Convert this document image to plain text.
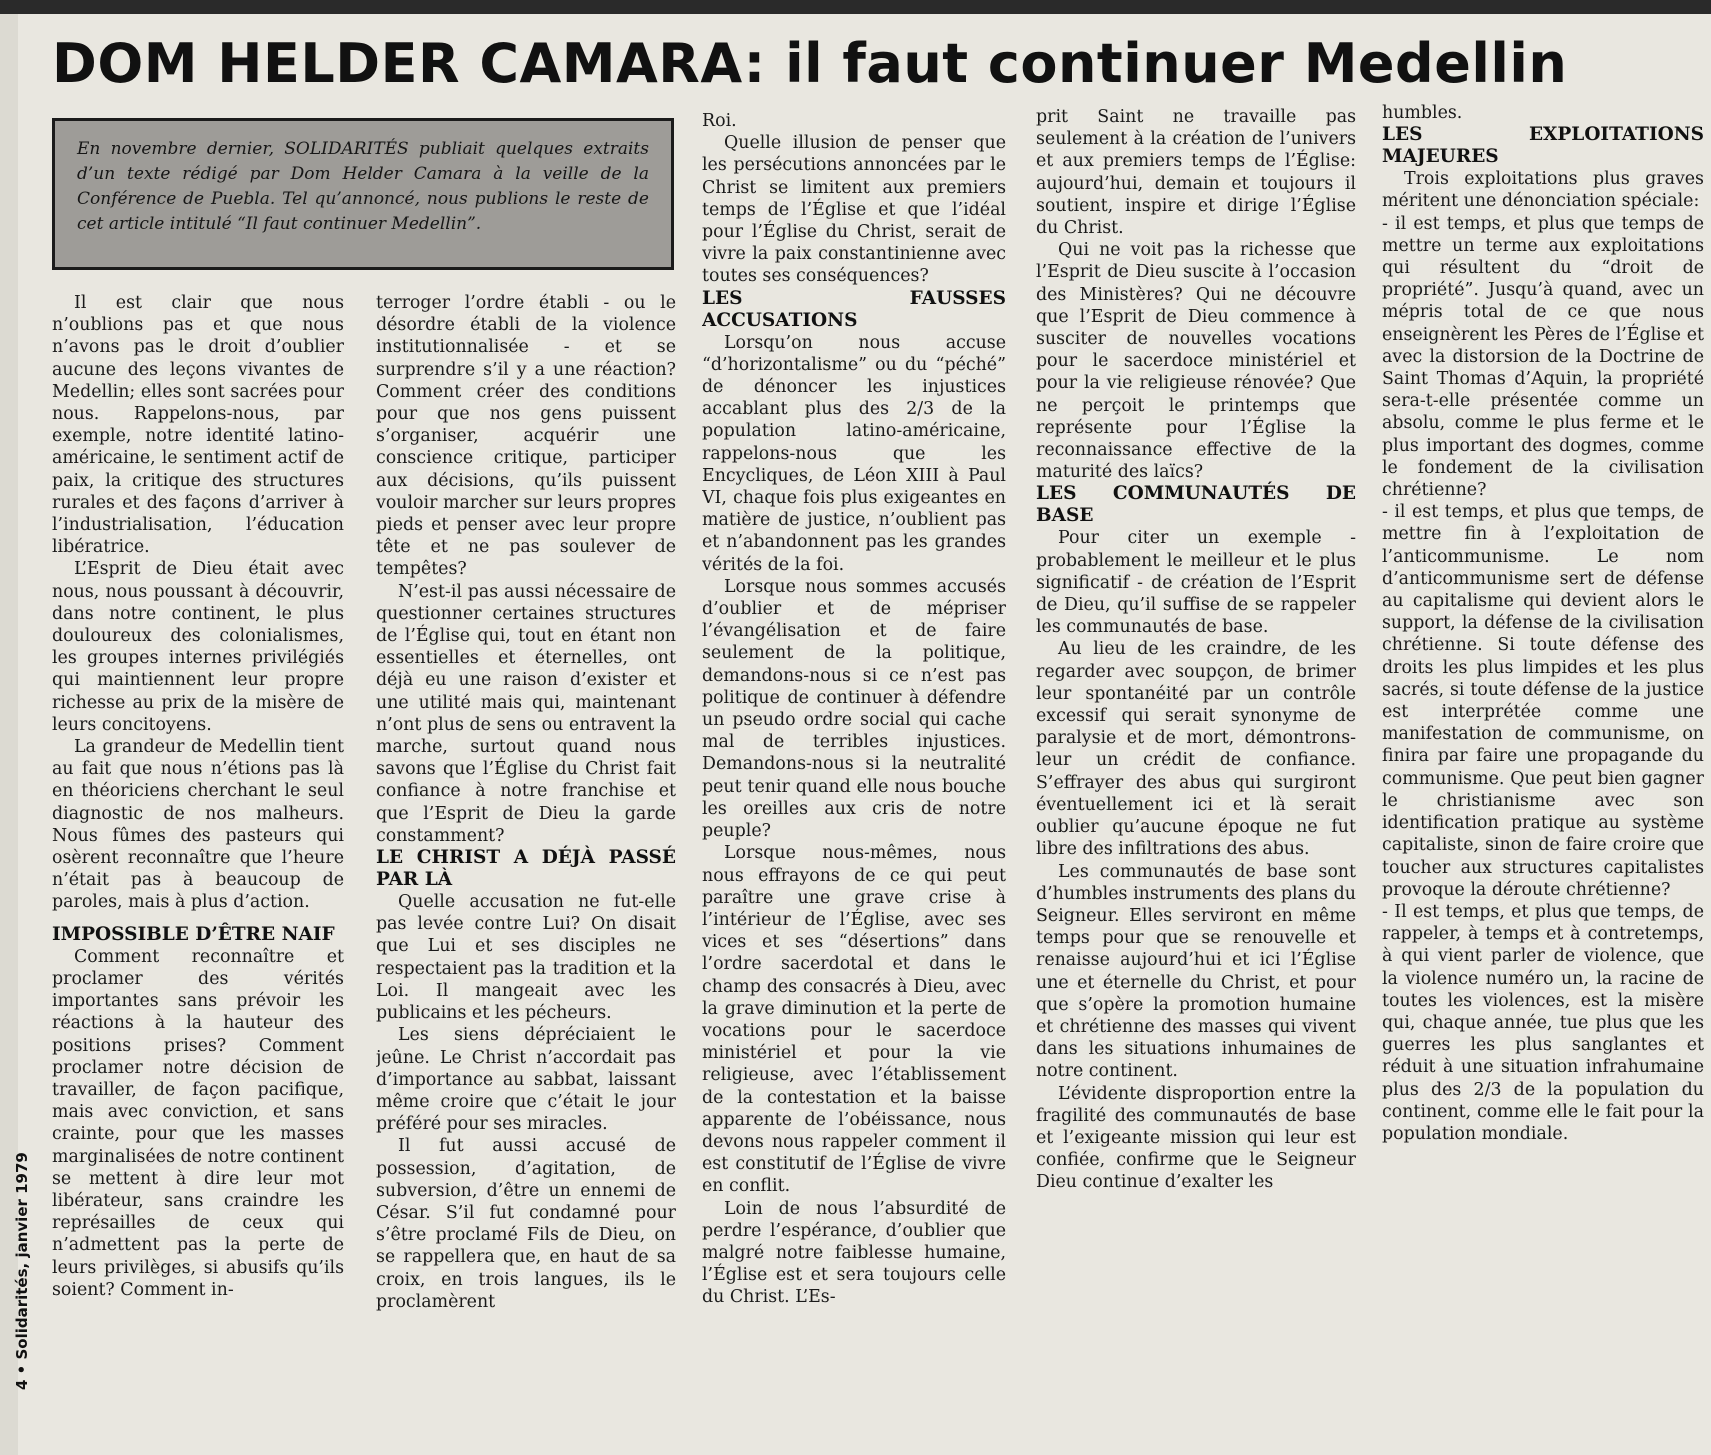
DOM HELDER CAMARA: il faut continuer Medellin
En novembre dernier, SOLIDARITÉS publiait quelques extraits d’un texte rédigé par Dom Helder Camara à la veille de la Conférence de Puebla. Tel qu’annoncé, nous publions le reste de cet article intitulé “Il faut continuer Medellin”.

Il est clair que nous n’oublions pas et que nous n’avons pas le droit d’oublier aucune des leçons vivantes de Medellin; elles sont sacrées pour nous. Rappelons-nous, par exemple, notre identité latino-américaine, le sentiment actif de paix, la critique des structures rurales et des façons d’arriver à l’industrialisation, l’éducation libératrice.

L’Esprit de Dieu était avec nous, nous poussant à découvrir, dans notre continent, le plus douloureux des colonialismes, les groupes internes privilégiés qui maintiennent leur propre richesse au prix de la misère de leurs concitoyens.

La grandeur de Medellin tient au fait que nous n’étions pas là en théoriciens cherchant le seul diagnostic de nos malheurs. Nous fûmes des pasteurs qui osèrent reconnaître que l’heure n’était pas à beaucoup de paroles, mais à plus d’action.

IMPOSSIBLE D’ÊTRE NAIF

Comment reconnaître et proclamer des vérités importantes sans prévoir les réactions à la hauteur des positions prises? Comment proclamer notre décision de travailler, de façon pacifique, mais avec conviction, et sans crainte, pour que les masses marginalisées de notre continent se mettent à dire leur mot libérateur, sans craindre les représailles de ceux qui n’admettent pas la perte de leurs privilèges, si abusifs qu’ils soient? Comment in-

terroger l’ordre établi - ou le désordre établi de la violence institutionnalisée - et se surprendre s’il y a une réaction? Comment créer des conditions pour que nos gens puissent s’organiser, acquérir une conscience critique, participer aux décisions, qu’ils puissent vouloir marcher sur leurs propres pieds et penser avec leur propre tête et ne pas soulever de tempêtes?

N’est-il pas aussi nécessaire de questionner certaines structures de l’Église qui, tout en étant non essentielles et éternelles, ont déjà eu une raison d’exister et une utilité mais qui, maintenant n’ont plus de sens ou entravent la marche, surtout quand nous savons que l’Église du Christ fait confiance à notre franchise et que l’Esprit de Dieu la garde constamment?

LE CHRIST A DÉJÀ PASSÉ PAR LÀ

Quelle accusation ne fut-elle pas levée contre Lui? On disait que Lui et ses disciples ne respectaient pas la tradition et la Loi. Il mangeait avec les publicains et les pécheurs.

Les siens dépréciaient le jeûne. Le Christ n’accordait pas d’importance au sabbat, laissant même croire que c’était le jour préféré pour ses miracles.

Il fut aussi accusé de possession, d’agitation, de subversion, d’être un ennemi de César. S’il fut condamné pour s’être proclamé Fils de Dieu, on se rappellera que, en haut de sa croix, en trois langues, ils le proclamèrent

Roi.

Quelle illusion de penser que les persécutions annoncées par le Christ se limitent aux premiers temps de l’Église et que l’idéal pour l’Église du Christ, serait de vivre la paix constantinienne avec toutes ses conséquences?

LES FAUSSES ACCUSATIONS

Lorsqu’on nous accuse “d’horizontalisme” ou du “péché” de dénoncer les injustices accablant plus des 2/3 de la population latino-américaine, rappelons-nous que les Encycliques, de Léon XIII à Paul VI, chaque fois plus exigeantes en matière de justice, n’oublient pas et n’abandonnent pas les grandes vérités de la foi.

Lorsque nous sommes accusés d’oublier et de mépriser l’évangélisation et de faire seulement de la politique, demandons-nous si ce n’est pas politique de continuer à défendre un pseudo ordre social qui cache mal de terribles injustices. Demandons-nous si la neutralité peut tenir quand elle nous bouche les oreilles aux cris de notre peuple?

Lorsque nous-mêmes, nous nous effrayons de ce qui peut paraître une grave crise à l’intérieur de l’Église, avec ses vices et ses “désertions” dans l’ordre sacerdotal et dans le champ des consacrés à Dieu, avec la grave diminution et la perte de vocations pour le sacerdoce ministériel et pour la vie religieuse, avec l’établissement de la contestation et la baisse apparente de l’obéissance, nous devons nous rappeler comment il est constitutif de l’Église de vivre en conflit.

Loin de nous l’absurdité de perdre l’espérance, d’oublier que malgré notre faiblesse humaine, l’Église est et sera toujours celle du Christ. L’Es-

prit Saint ne travaille pas seulement à la création de l’univers et aux premiers temps de l’Église: aujourd’hui, demain et toujours il soutient, inspire et dirige l’Église du Christ.

Qui ne voit pas la richesse que l’Esprit de Dieu suscite à l’occasion des Ministères? Qui ne découvre que l’Esprit de Dieu commence à susciter de nouvelles vocations pour le sacerdoce ministériel et pour la vie religieuse rénovée? Que ne perçoit le printemps que représente pour l’Église la reconnaissance effective de la maturité des laïcs?

LES COMMUNAUTÉS DE BASE

Pour citer un exemple - probablement le meilleur et le plus significatif - de création de l’Esprit de Dieu, qu’il suffise de se rappeler les communautés de base.

Au lieu de les craindre, de les regarder avec soupçon, de brimer leur spontanéité par un contrôle excessif qui serait synonyme de paralysie et de mort, démontrons-leur un crédit de confiance. S’effrayer des abus qui surgiront éventuellement ici et là serait oublier qu’aucune époque ne fut libre des infiltrations des abus.

Les communautés de base sont d’humbles instruments des plans du Seigneur. Elles serviront en même temps pour que se renouvelle et renaisse aujourd’hui et ici l’Église une et éternelle du Christ, et pour que s’opère la promotion humaine et chrétienne des masses qui vivent dans les situations inhumaines de notre continent.

L’évidente disproportion entre la fragilité des communautés de base et l’exigeante mission qui leur est confiée, confirme que le Seigneur Dieu continue d’exalter les

humbles.

LES EXPLOITATIONS MAJEURES

Trois exploitations plus graves méritent une dénonciation spéciale:

- il est temps, et plus que temps de mettre un terme aux exploitations qui résultent du “droit de propriété”. Jusqu’à quand, avec un mépris total de ce que nous enseignèrent les Pères de l’Église et avec la distorsion de la Doctrine de Saint Thomas d’Aquin, la propriété sera-t-elle présentée comme un absolu, comme le plus ferme et le plus important des dogmes, comme le fondement de la civilisation chrétienne?

- il est temps, et plus que temps, de mettre fin à l’exploitation de l’anticommunisme. Le nom d’anticommunisme sert de défense au capitalisme qui devient alors le support, la défense de la civilisation chrétienne. Si toute défense des droits les plus limpides et les plus sacrés, si toute défense de la justice est interprétée comme une manifestation de communisme, on finira par faire une propagande du communisme. Que peut bien gagner le christianisme avec son identification pratique au système capitaliste, sinon de faire croire que toucher aux structures capitalistes provoque la déroute chrétienne?

- Il est temps, et plus que temps, de rappeler, à temps et à contretemps, à qui vient parler de violence, que la violence numéro un, la racine de toutes les violences, est la misère qui, chaque année, tue plus que les guerres les plus sanglantes et réduit à une situation infrahumaine plus des 2/3 de la population du continent, comme elle le fait pour la population mondiale.

4 • Solidarités, janvier 1979
